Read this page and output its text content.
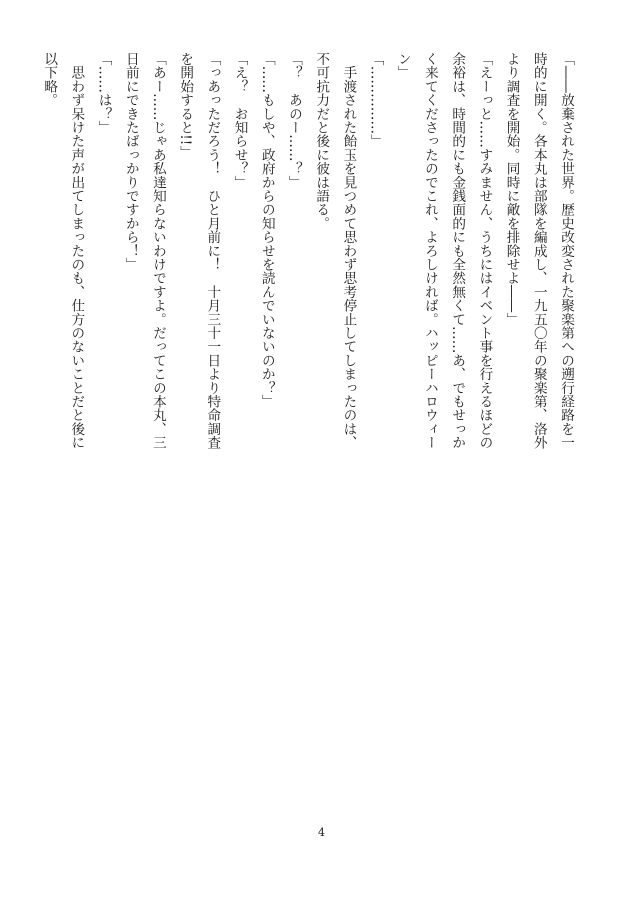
「――放棄された世界。歴史改変された聚楽第への遡行経路を一時的に開く。各本丸は部隊を編成し、一九五〇年の聚楽第、洛外より調査を開始。同時に敵を排除せよ――」

「えーっと……すみません、うちにはイベント事を行えるほどの余裕は、時間的にも金銭面的にも全然無くて……あ、でもせっかく来てくださったのでこれ、よろしければ。ハッピーハロウィーン」

「……………」

　手渡された飴玉を見つめて思わず思考停止してしまったのは、不可抗力だと後に彼は語る。

「？　あのー……？」

「……もしや、政府からの知らせを読んでいないのか？」

「え？　お知らせ？」

「っあっただろう！　ひと月前に！　十月三十一日より特命調査を開始すると!!」

「あー……じゃあ私達知らないわけですよ。だってこの本丸、三日前にできたばっかりですから！」

「……は？」

　思わず呆けた声が出てしまったのも、仕方のないことだと後に以下略。

4
